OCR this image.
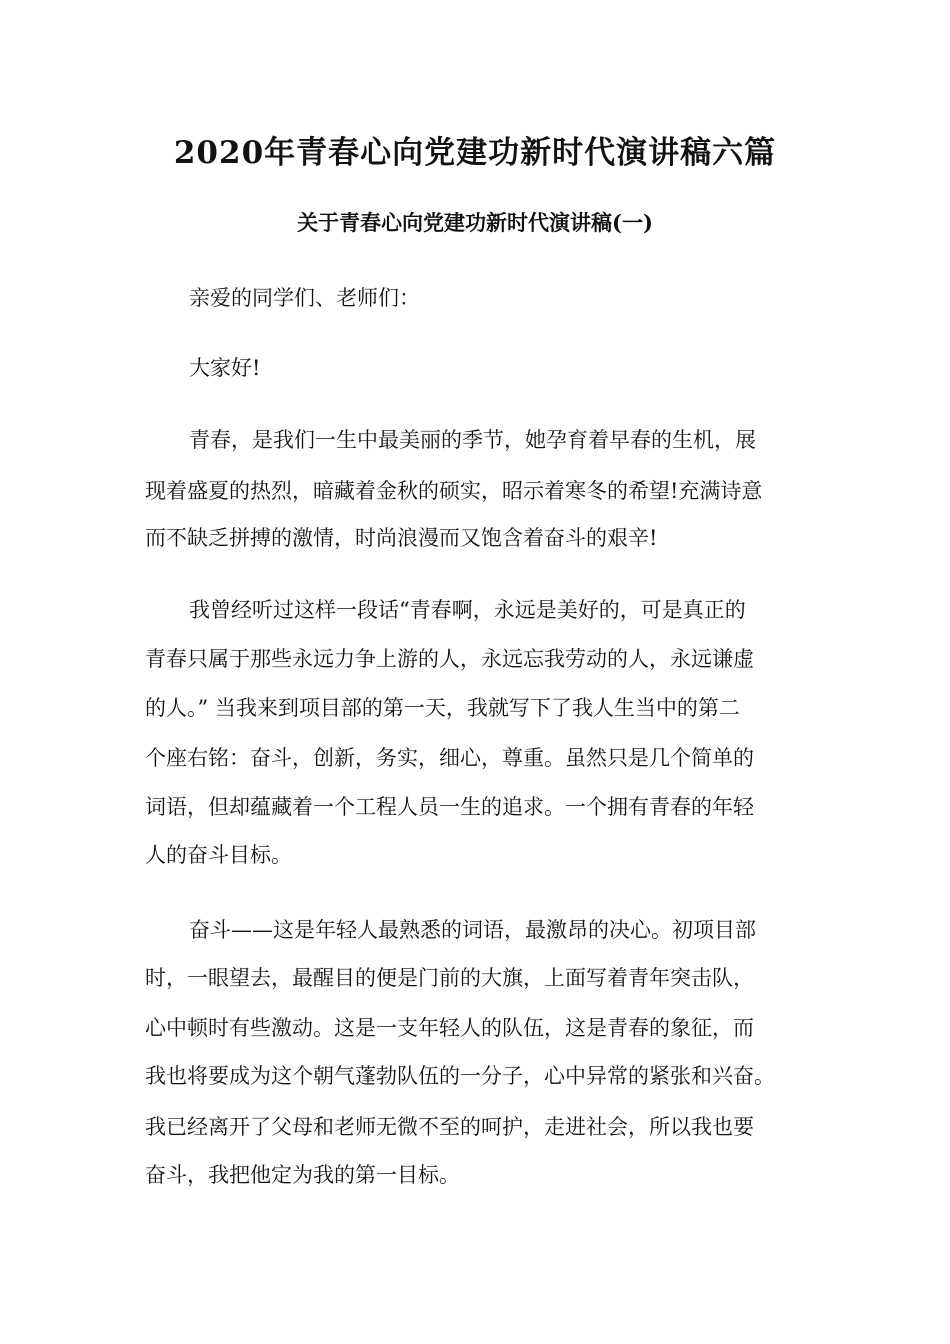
2020年青春心向党建功新时代演讲稿六篇
关于青春心向党建功新时代演讲稿(一)
亲爱的同学们、老师们：
大家好!
青春，是我们一生中最美丽的季节，她孕育着早春的生机，展
现着盛夏的热烈，暗藏着金秋的硕实，昭示着寒冬的希望!充满诗意
而不缺乏拼搏的激情，时尚浪漫而又饱含着奋斗的艰辛!
我曾经听过这样一段话“青春啊，永远是美好的，可是真正的
青春只属于那些永远力争上游的人，永远忘我劳动的人，永远谦虚
的人。” 当我来到项目部的第一天，我就写下了我人生当中的第二
个座右铭：奋斗，创新，务实，细心，尊重。虽然只是几个简单的
词语，但却蕴藏着一个工程人员一生的追求。一个拥有青春的年轻
人的奋斗目标。
奋斗——这是年轻人最熟悉的词语，最激昂的决心。初项目部
时，一眼望去，最醒目的便是门前的大旗，上面写着青年突击队，
心中顿时有些激动。这是一支年轻人的队伍，这是青春的象征，而
我也将要成为这个朝气蓬勃队伍的一分子，心中异常的紧张和兴奋。
我已经离开了父母和老师无微不至的呵护，走进社会，所以我也要
奋斗，我把他定为我的第一目标。
